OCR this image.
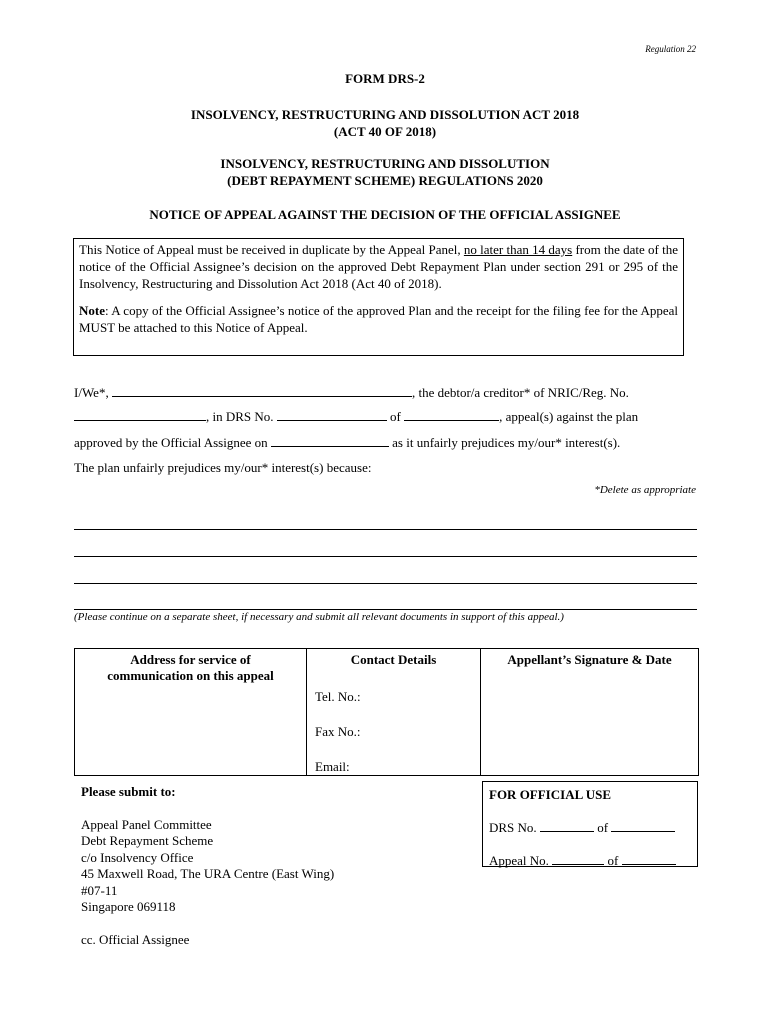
Regulation 22
FORM DRS-2
INSOLVENCY, RESTRUCTURING AND DISSOLUTION ACT 2018
(ACT 40 OF 2018)
INSOLVENCY, RESTRUCTURING AND DISSOLUTION
(DEBT REPAYMENT SCHEME) REGULATIONS 2020
NOTICE OF APPEAL AGAINST THE DECISION OF THE OFFICIAL ASSIGNEE

This Notice of Appeal must be received in duplicate by the Appeal Panel, no later than 14 days from the date of the notice of the Official Assignee’s decision on the approved Debt Repayment Plan under section 291 or 295 of the Insolvency, Restructuring and Dissolution Act 2018 (Act 40 of 2018).

Note: A copy of the Official Assignee’s notice of the approved Plan and the receipt for the filing fee for the Appeal MUST be attached to this Notice of Appeal.

I/We*,	, the debtor/a creditor* of NRIC/Reg. No.
, in DRS No.	of	, appeal(s) against the plan
approved by the Official Assignee on	as it unfairly prejudices my/our* interest(s).
The plan unfairly prejudices my/our* interest(s) because:
*Delete as appropriate
(Please continue on a separate sheet, if necessary and submit all relevant documents in support of this appeal.)
Address for service of communication on this appeal	Contact Details	Appellant’s Signature & Date

	Tel. No.:
Fax No.:
Email:	

Please submit to:
Appeal Panel Committee
Debt Repayment Scheme
c/o Insolvency Office
45 Maxwell Road, The URA Centre (East Wing)
#07-11
Singapore 069118
cc. Official Assignee
FOR OFFICIAL USE
DRS No.	of
Appeal No.	of
